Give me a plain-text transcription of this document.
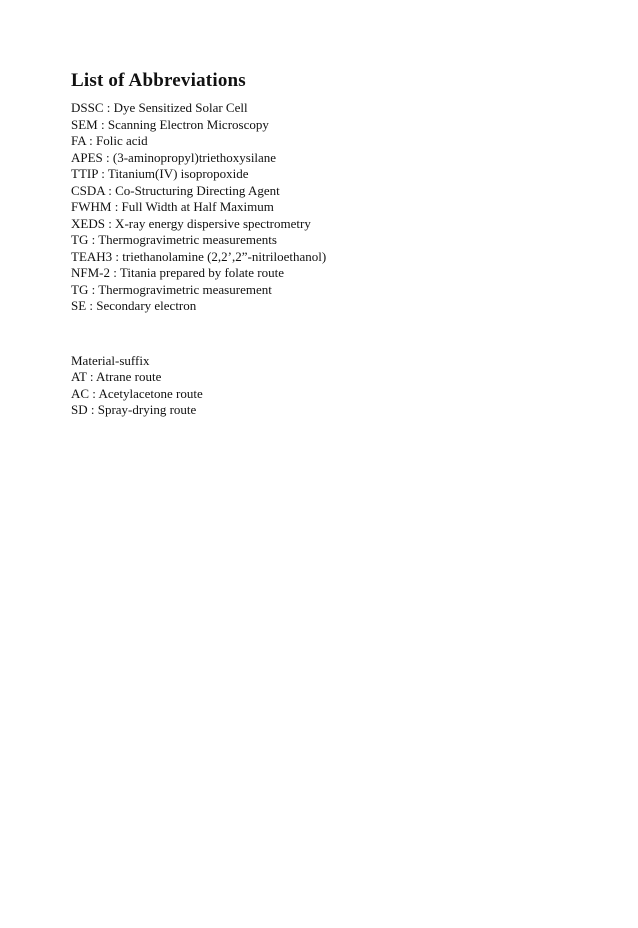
List of Abbreviations
DSSC : Dye Sensitized Solar Cell
SEM : Scanning Electron Microscopy
FA : Folic acid
APES : (3-aminopropyl)triethoxysilane
TTIP : Titanium(IV) isopropoxide
CSDA : Co-Structuring Directing Agent
FWHM : Full Width at Half Maximum
XEDS : X-ray energy dispersive spectrometry
TG : Thermogravimetric measurements
TEAH3 : triethanolamine (2,2’,2”-nitriloethanol)
NFM-2 : Titania prepared by folate route
TG : Thermogravimetric measurement
SE : Secondary electron

Material-suffix

AT : Atrane route
AC : Acetylacetone route
SD : Spray-drying route
